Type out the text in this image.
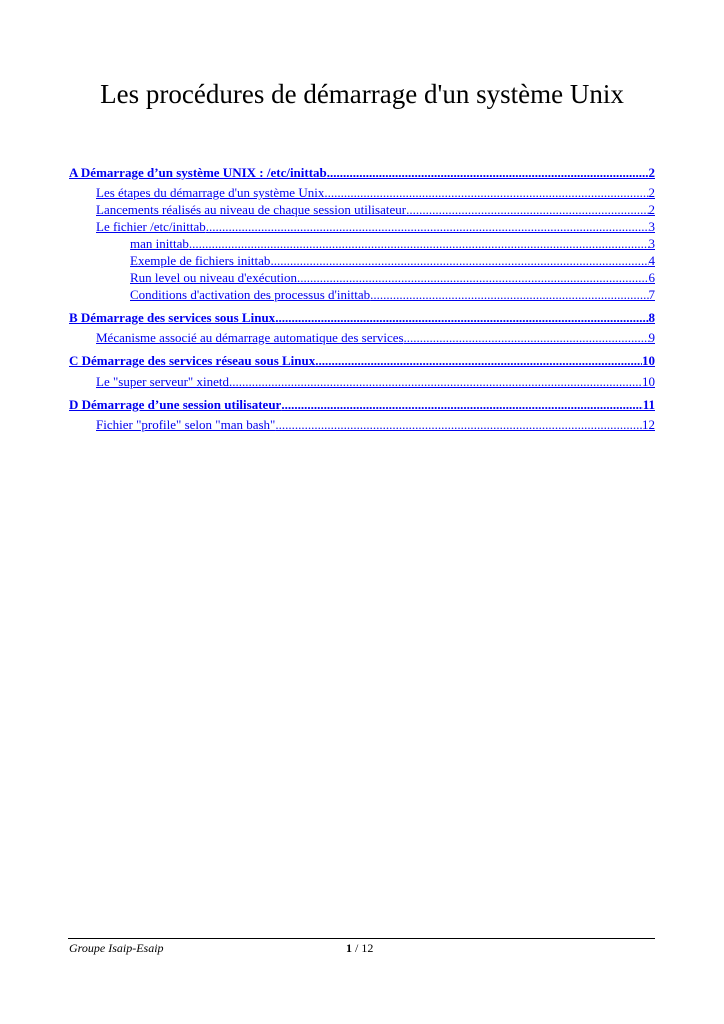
Les procédures de démarrage d'un système Unix
A Démarrage d’un système UNIX : /etc/inittab .....	2
Les étapes du démarrage d'un système Unix .....	2
Lancements réalisés au niveau de chaque session utilisateur .....	2
Le fichier /etc/inittab .....	3
man inittab .....	3
Exemple de fichiers inittab .....	4
Run level ou niveau d'exécution .....	6
Conditions d'activation des processus d'inittab .....	7
B Démarrage des services sous Linux .....	8
Mécanisme associé au démarrage automatique des services .....	9
C Démarrage des services réseau sous Linux .....	10
Le "super serveur" xinetd .....	10
D Démarrage d’une session utilisateur .....	11
Fichier "profile" selon "man bash" .....	12
Groupe Isaip-Esaip	1 / 12
